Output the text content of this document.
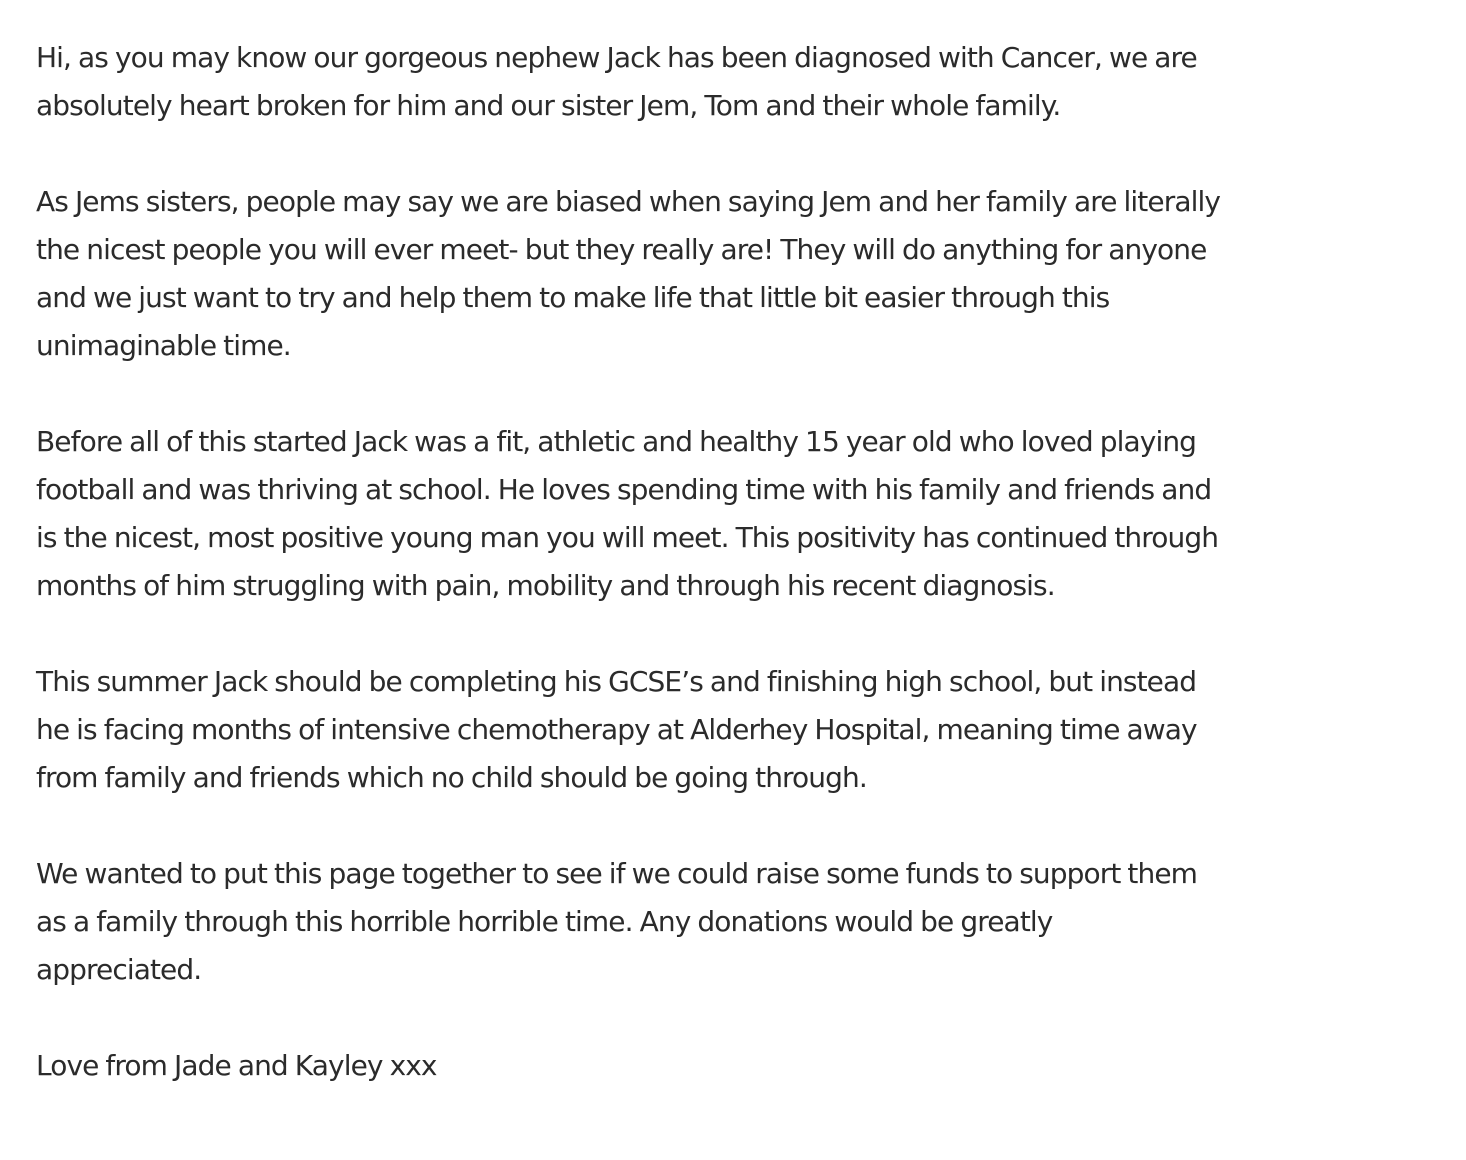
Hi, as you may know our gorgeous nephew Jack has been diagnosed with Cancer, we are
absolutely heart broken for him and our sister Jem, Tom and their whole family.

As Jems sisters, people may say we are biased when saying Jem and her family are literally
the nicest people you will ever meet- but they really are! They will do anything for anyone
and we just want to try and help them to make life that little bit easier through this
unimaginable time.

Before all of this started Jack was a fit, athletic and healthy 15 year old who loved playing
football and was thriving at school. He loves spending time with his family and friends and
is the nicest, most positive young man you will meet. This positivity has continued through
months of him struggling with pain, mobility and through his recent diagnosis.

This summer Jack should be completing his GCSE’s and finishing high school, but instead
he is facing months of intensive chemotherapy at Alderhey Hospital, meaning time away
from family and friends which no child should be going through.

We wanted to put this page together to see if we could raise some funds to support them
as a family through this horrible horrible time. Any donations would be greatly
appreciated.

Love from Jade and Kayley xxx
